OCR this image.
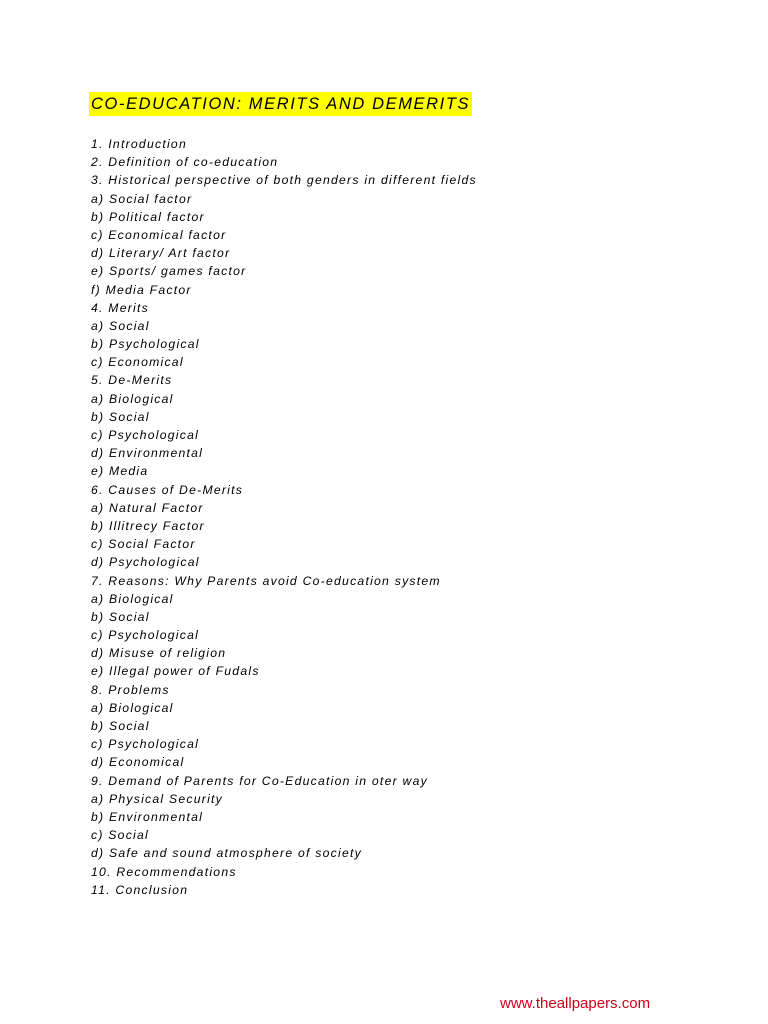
CO-EDUCATION: MERITS AND DEMERITS
1. Introduction
2. Definition of co-education
3. Historical perspective of both genders in different fields
a) Social factor
b) Political factor
c) Economical factor
d) Literary/ Art factor
e) Sports/ games factor
f) Media Factor
4. Merits
a) Social
b) Psychological
c) Economical
5. De-Merits
a) Biological
b) Social
c) Psychological
d) Environmental
e) Media
6. Causes of De-Merits
a) Natural Factor
b) Illitrecy Factor
c) Social Factor
d) Psychological
7. Reasons: Why Parents avoid Co-education system
a) Biological
b) Social
c) Psychological
d) Misuse of religion
e) Illegal power of Fudals
8. Problems
a) Biological
b) Social
c) Psychological
d) Economical
9. Demand of Parents for Co-Education in oter way
a) Physical Security
b) Environmental
c) Social
d) Safe and sound atmosphere of society
10. Recommendations
11. Conclusion
www.theallpapers.com
